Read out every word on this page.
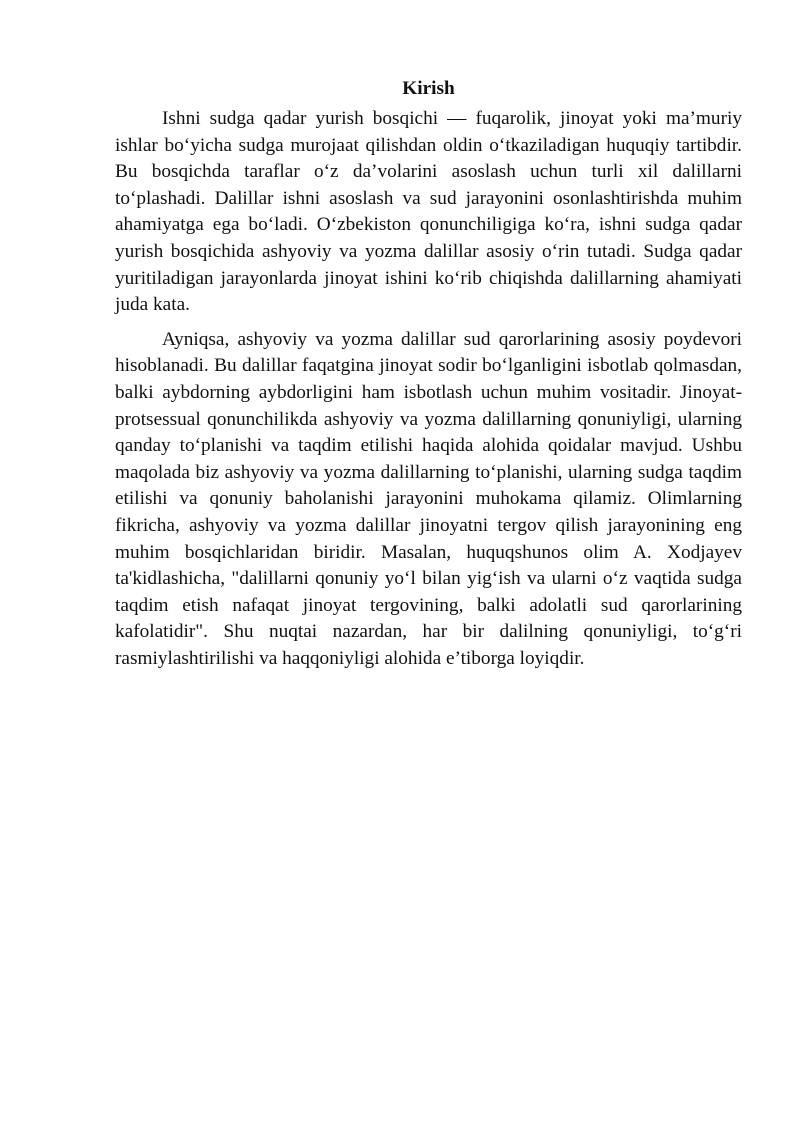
Kirish

Ishni sudga qadar yurish bosqichi — fuqarolik, jinoyat yoki ma’muriy ishlar bo‘yicha sudga murojaat qilishdan oldin o‘tkaziladigan huquqiy tartibdir. Bu bosqichda taraflar o‘z da’volarini asoslash uchun turli xil dalillarni to‘plashadi. Dalillar ishni asoslash va sud jarayonini osonlashtirishda muhim ahamiyatga ega bo‘ladi. O‘zbekiston qonunchiligiga ko‘ra, ishni sudga qadar yurish bosqichida ashyoviy va yozma dalillar asosiy o‘rin tutadi. Sudga qadar yuritiladigan jarayonlarda jinoyat ishini ko‘rib chiqishda dalillarning ahamiyati juda kata.

Ayniqsa, ashyoviy va yozma dalillar sud qarorlarining asosiy poydevori hisoblanadi. Bu dalillar faqatgina jinoyat sodir bo‘lganligini isbotlab qolmasdan, balki aybdorning aybdorligini ham isbotlash uchun muhim vositadir. Jinoyat-protsessual qonunchilikda ashyoviy va yozma dalillarning qonuniyligi, ularning qanday to‘planishi va taqdim etilishi haqida alohida qoidalar mavjud. Ushbu maqolada biz ashyoviy va yozma dalillarning to‘planishi, ularning sudga taqdim etilishi va qonuniy baholanishi jarayonini muhokama qilamiz. Olimlarning fikricha, ashyoviy va yozma dalillar jinoyatni tergov qilish jarayonining eng muhim bosqichlaridan biridir. Masalan, huquqshunos olim A. Xodjayev ta'kidlashicha, "dalillarni qonuniy yo‘l bilan yig‘ish va ularni o‘z vaqtida sudga taqdim etish nafaqat jinoyat tergovining, balki adolatli sud qarorlarining kafolatidir". Shu nuqtai nazardan, har bir dalilning qonuniyligi, to‘g‘ri rasmiylashtirilishi va haqqoniyligi alohida e’tiborga loyiqdir.
